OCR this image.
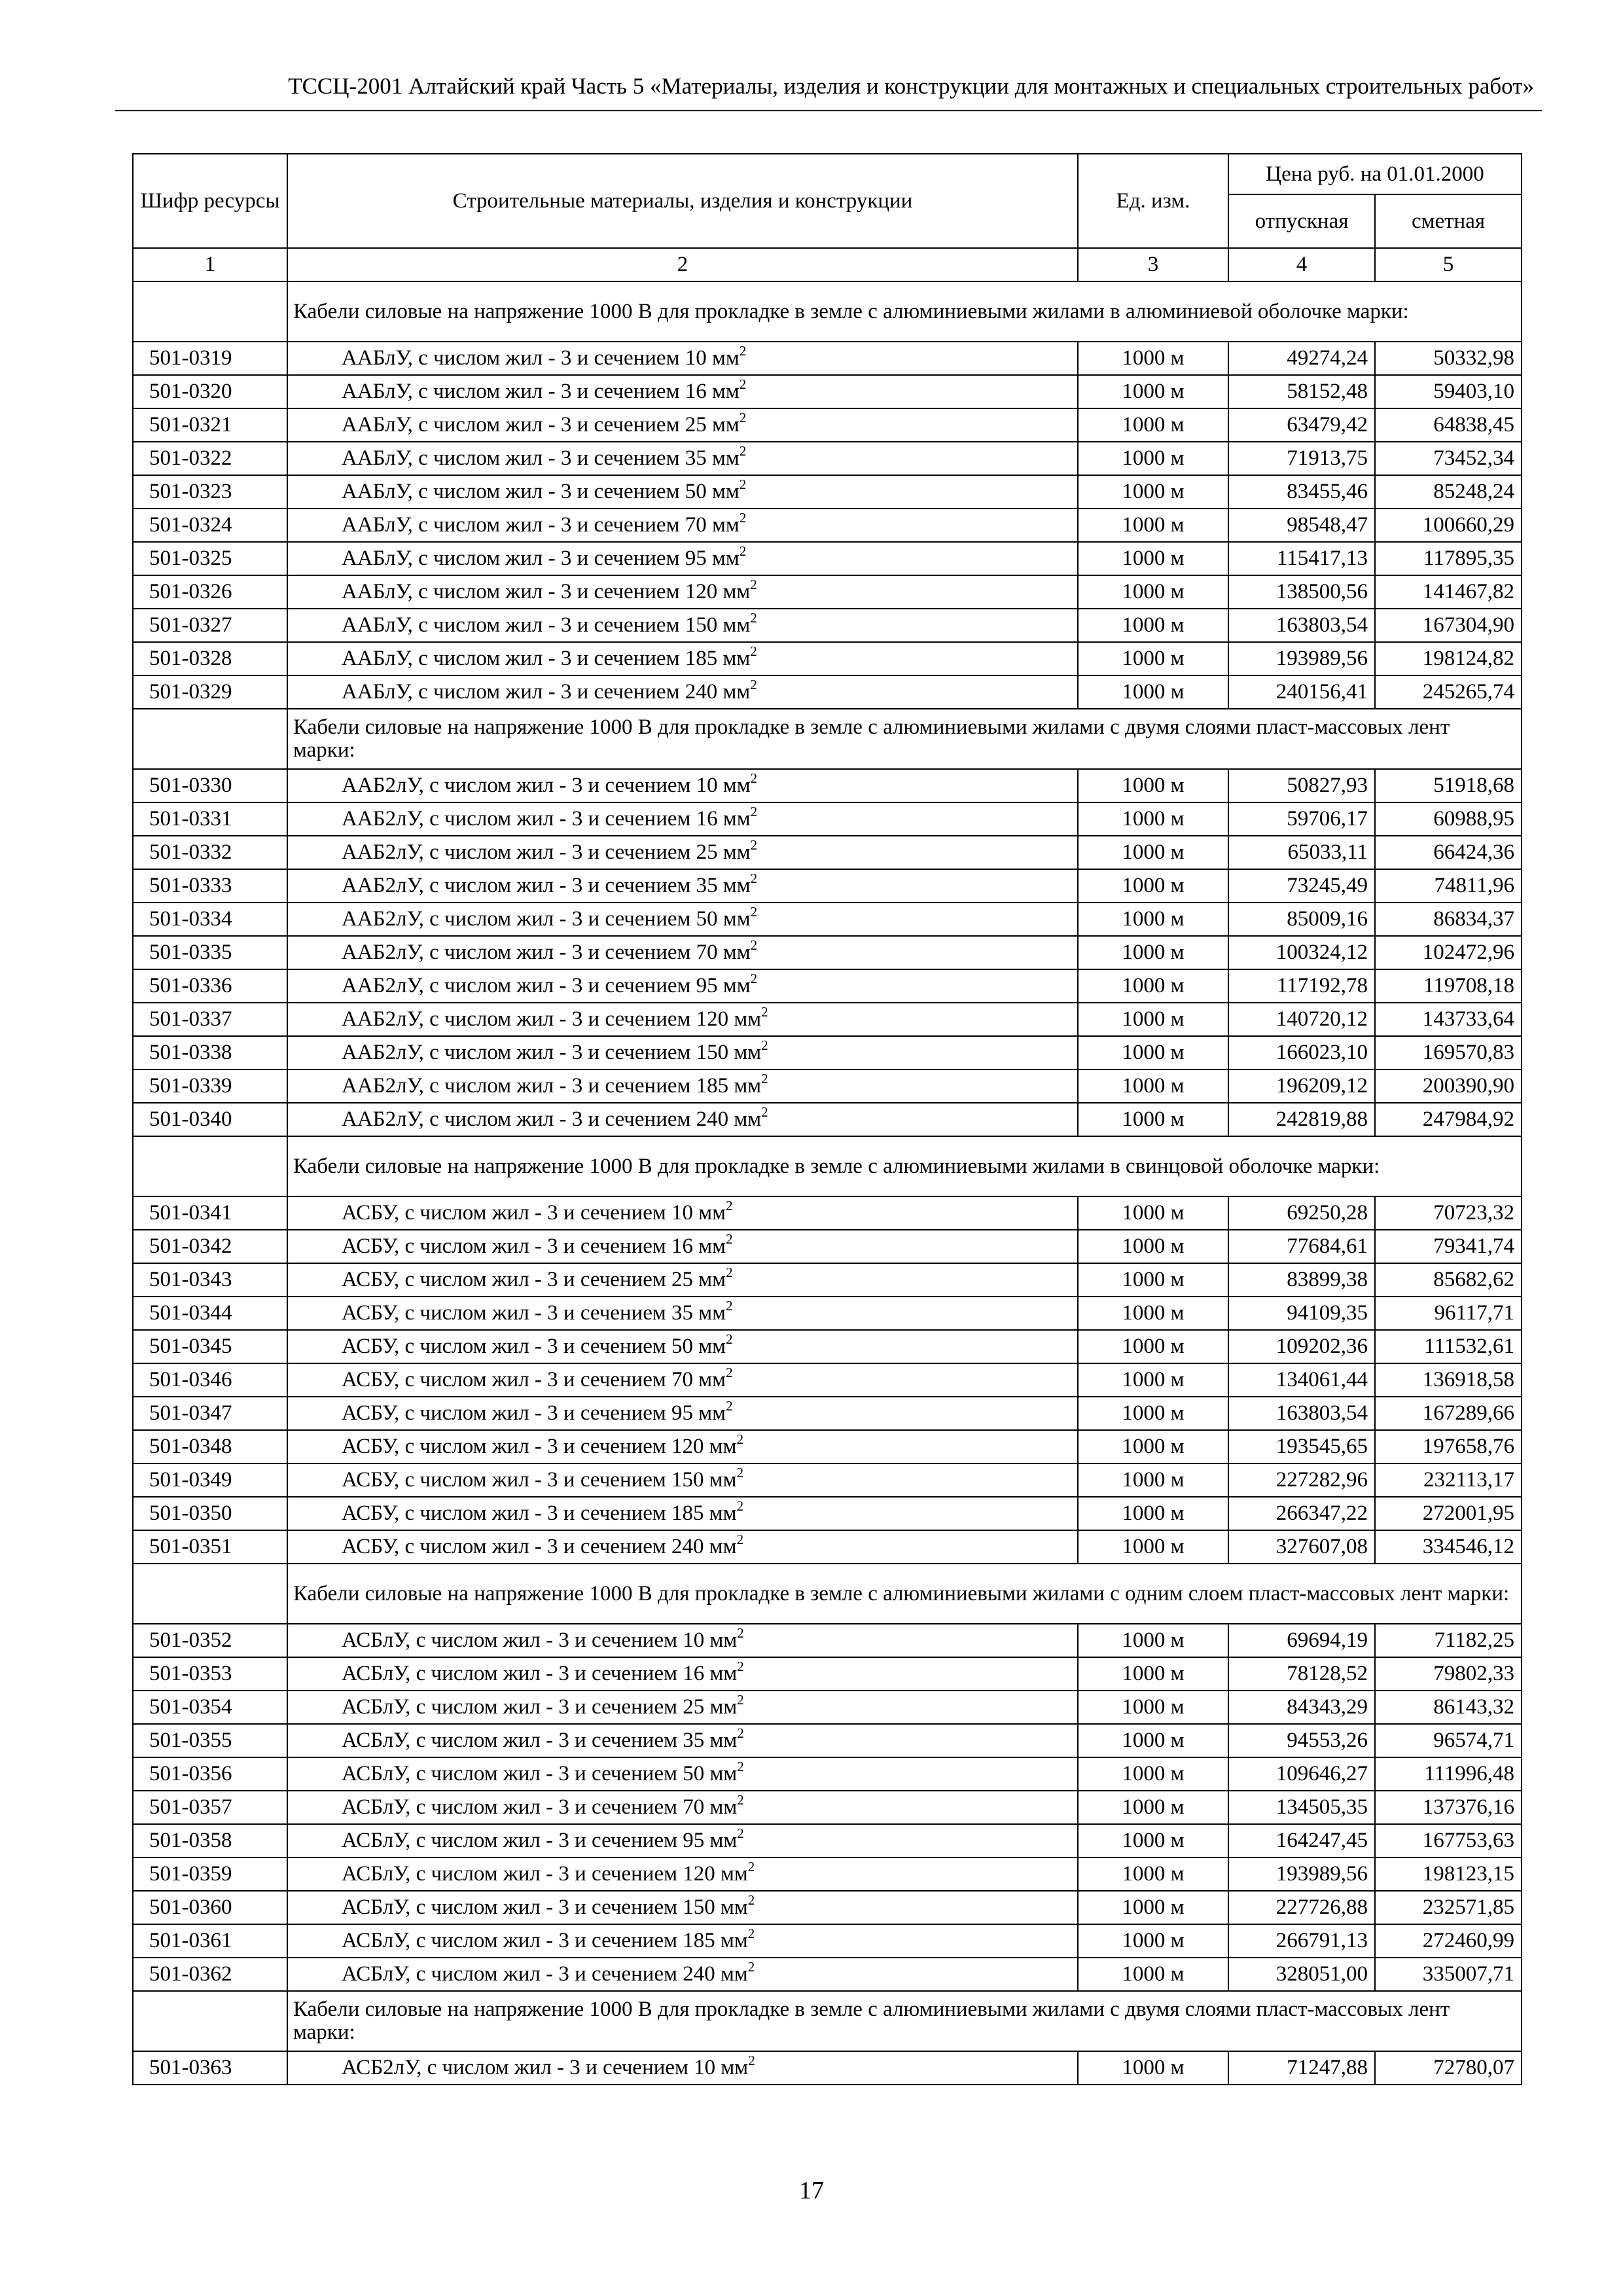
ТССЦ-2001 Алтайский край Часть 5 «Материалы, изделия и конструкции для монтажных и специальных строительных работ»
Шифр ресурсы	Строительные материалы, изделия и конструкции	Ед. изм.	Цена руб. на 01.01.2000	
			отпускная	сметная
1	2	3	4	5
	Кабели силовые на напряжение 1000 В для прокладке в земле с алюминиевыми жилами в алюминиевой оболочке марки:			
501-0319	ААБлУ, с числом жил - 3 и сечением 10 $мм^2$	1000 м	49274,24	50332,98
501-0320	ААБлУ, с числом жил - 3 и сечением 16 $мм^2$	1000 м	58152,48	59403,10
501-0321	ААБлУ, с числом жил - 3 и сечением 25 $мм^2$	1000 м	63479,42	64838,45
501-0322	ААБлУ, с числом жил - 3 и сечением 35 $мм^2$	1000 м	71913,75	73452,34
501-0323	ААБлУ, с числом жил - 3 и сечением 50 $мм^2$	1000 м	83455,46	85248,24
501-0324	ААБлУ, с числом жил - 3 и сечением 70 $мм^2$	1000 м	98548,47	100660,29
501-0325	ААБлУ, с числом жил - 3 и сечением 95 $мм^2$	1000 м	115417,13	117895,35
501-0326	ААБлУ, с числом жил - 3 и сечением 120 $мм^2$	1000 м	138500,56	141467,82
501-0327	ААБлУ, с числом жил - 3 и сечением 150 $мм^2$	1000 м	163803,54	167304,90
501-0328	ААБлУ, с числом жил - 3 и сечением 185 $мм^2$	1000 м	193989,56	198124,82
501-0329	ААБлУ, с числом жил - 3 и сечением 240 $мм^2$	1000 м	240156,41	245265,74
	Кабели силовые на напряжение 1000 В для прокладке в земле с алюминиевыми жилами с двумя слоями пласт-массовых лент марки:			
501-0330	ААБ2лУ, с числом жил - 3 и сечением 10 $мм^2$	1000 м	50827,93	51918,68
501-0331	ААБ2лУ, с числом жил - 3 и сечением 16 $мм^2$	1000 м	59706,17	60988,95
501-0332	ААБ2лУ, с числом жил - 3 и сечением 25 $мм^2$	1000 м	65033,11	66424,36
501-0333	ААБ2лУ, с числом жил - 3 и сечением 35 $мм^2$	1000 м	73245,49	74811,96
501-0334	ААБ2лУ, с числом жил - 3 и сечением 50 $мм^2$	1000 м	85009,16	86834,37
501-0335	ААБ2лУ, с числом жил - 3 и сечением 70 $мм^2$	1000 м	100324,12	102472,96
501-0336	ААБ2лУ, с числом жил - 3 и сечением 95 $мм^2$	1000 м	117192,78	119708,18
501-0337	ААБ2лУ, с числом жил - 3 и сечением 120 $мм^2$	1000 м	140720,12	143733,64
501-0338	ААБ2лУ, с числом жил - 3 и сечением 150 $мм^2$	1000 м	166023,10	169570,83
501-0339	ААБ2лУ, с числом жил - 3 и сечением 185 $мм^2$	1000 м	196209,12	200390,90
501-0340	ААБ2лУ, с числом жил - 3 и сечением 240 $мм^2$	1000 м	242819,88	247984,92
	Кабели силовые на напряжение 1000 В для прокладке в земле с алюминиевыми жилами в свинцовой оболочке марки:			
501-0341	АСБУ, с числом жил - 3 и сечением 10 $мм^2$	1000 м	69250,28	70723,32
501-0342	АСБУ, с числом жил - 3 и сечением 16 $мм^2$	1000 м	77684,61	79341,74
501-0343	АСБУ, с числом жил - 3 и сечением 25 $мм^2$	1000 м	83899,38	85682,62
501-0344	АСБУ, с числом жил - 3 и сечением 35 $мм^2$	1000 м	94109,35	96117,71
501-0345	АСБУ, с числом жил - 3 и сечением 50 $мм^2$	1000 м	109202,36	111532,61
501-0346	АСБУ, с числом жил - 3 и сечением 70 $мм^2$	1000 м	134061,44	136918,58
501-0347	АСБУ, с числом жил - 3 и сечением 95 $мм^2$	1000 м	163803,54	167289,66
501-0348	АСБУ, с числом жил - 3 и сечением 120 $мм^2$	1000 м	193545,65	197658,76
501-0349	АСБУ, с числом жил - 3 и сечением 150 $мм^2$	1000 м	227282,96	232113,17
501-0350	АСБУ, с числом жил - 3 и сечением 185 $мм^2$	1000 м	266347,22	272001,95
501-0351	АСБУ, с числом жил - 3 и сечением 240 $мм^2$	1000 м	327607,08	334546,12
	Кабели силовые на напряжение 1000 В для прокладке в земле с алюминиевыми жилами с одним слоем пласт-массовых лент марки:			
501-0352	АСБлУ, с числом жил - 3 и сечением 10 $мм^2$	1000 м	69694,19	71182,25
501-0353	АСБлУ, с числом жил - 3 и сечением 16 $мм^2$	1000 м	78128,52	79802,33
501-0354	АСБлУ, с числом жил - 3 и сечением 25 $мм^2$	1000 м	84343,29	86143,32
501-0355	АСБлУ, с числом жил - 3 и сечением 35 $мм^2$	1000 м	94553,26	96574,71
501-0356	АСБлУ, с числом жил - 3 и сечением 50 $мм^2$	1000 м	109646,27	111996,48
501-0357	АСБлУ, с числом жил - 3 и сечением 70 $мм^2$	1000 м	134505,35	137376,16
501-0358	АСБлУ, с числом жил - 3 и сечением 95 $мм^2$	1000 м	164247,45	167753,63
501-0359	АСБлУ, с числом жил - 3 и сечением 120 $мм^2$	1000 м	193989,56	198123,15
501-0360	АСБлУ, с числом жил - 3 и сечением 150 $мм^2$	1000 м	227726,88	232571,85
501-0361	АСБлУ, с числом жил - 3 и сечением 185 $мм^2$	1000 м	266791,13	272460,99
501-0362	АСБлУ, с числом жил - 3 и сечением 240 $мм^2$	1000 м	328051,00	335007,71
	Кабели силовые на напряжение 1000 В для прокладке в земле с алюминиевыми жилами с двумя слоями пласт-массовых лент марки:			
501-0363	АСБ2лУ, с числом жил - 3 и сечением 10 $мм^2$	1000 м	71247,88	72780,07
17
